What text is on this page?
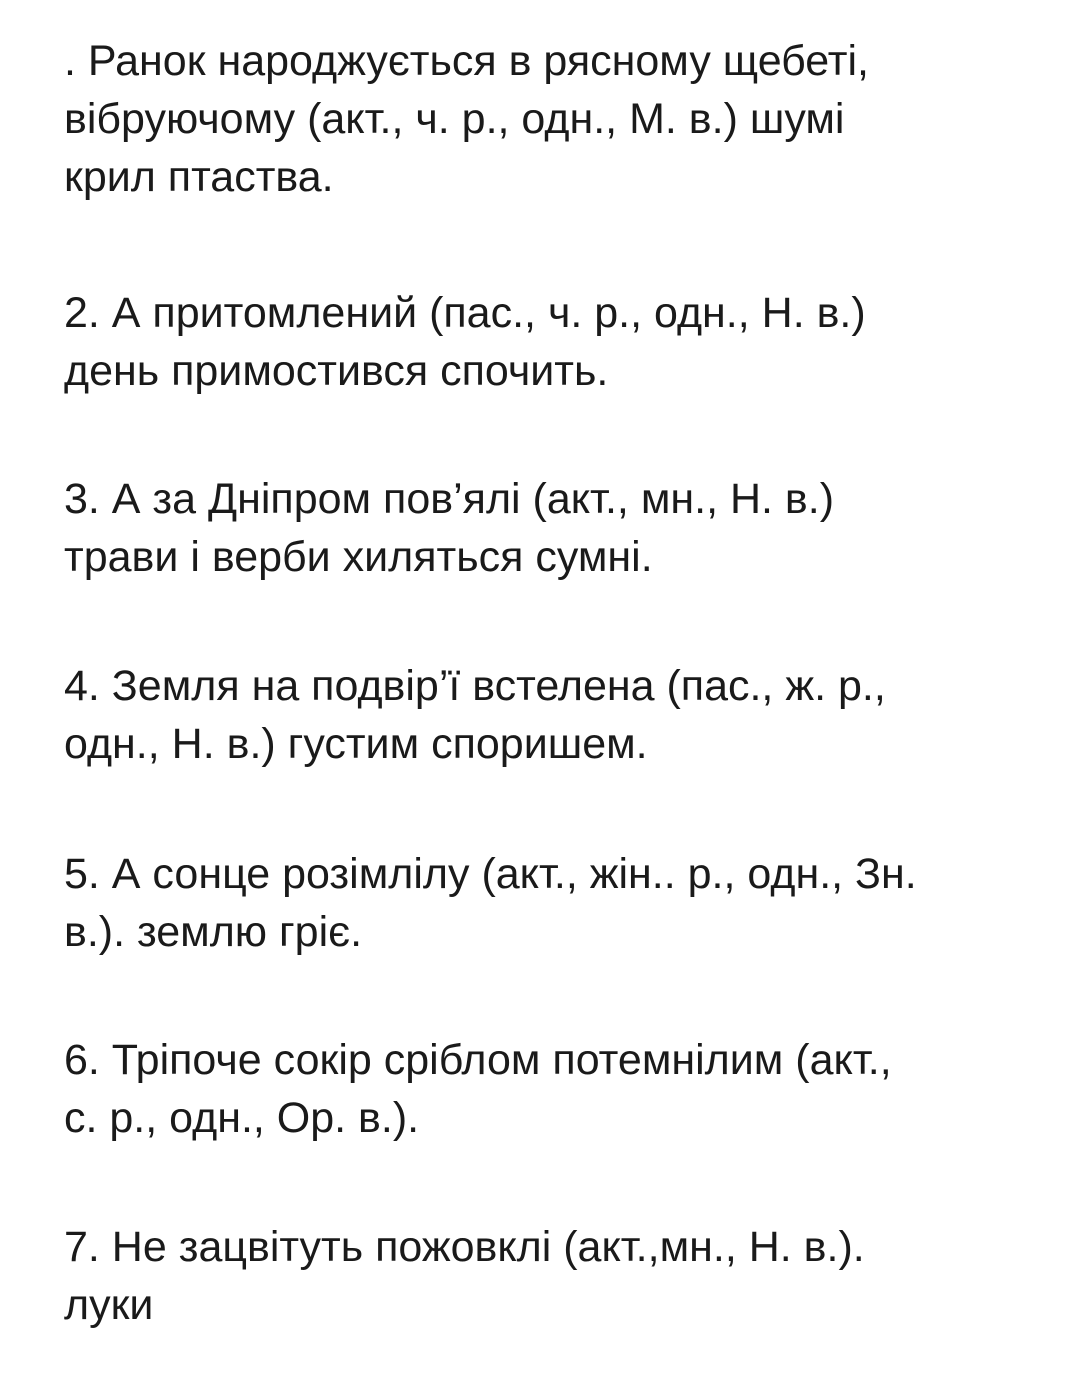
. Ранок народжується в рясному щебеті,
вібруючому (акт., ч. р., одн., М. в.) шумі
крил птаства.

2. А притомлений (пас., ч. р., одн., Н. в.)
день примостився спочить.

3. А за Дніпром пов’ялі (акт., мн., Н. в.)
трави і верби хиляться сумні.

4. Земля на подвір’ї встелена (пас., ж. р.,
одн., Н. в.) густим споришем.

5. А сонце розімлілу (акт., жін.. р., одн., Зн.
в.). землю гріє.

6. Тріпоче сокір сріблом потемнілим (акт.,
с. р., одн., Ор. в.).

7. Не зацвітуть пожовклі (акт.,мн., Н. в.).
луки
